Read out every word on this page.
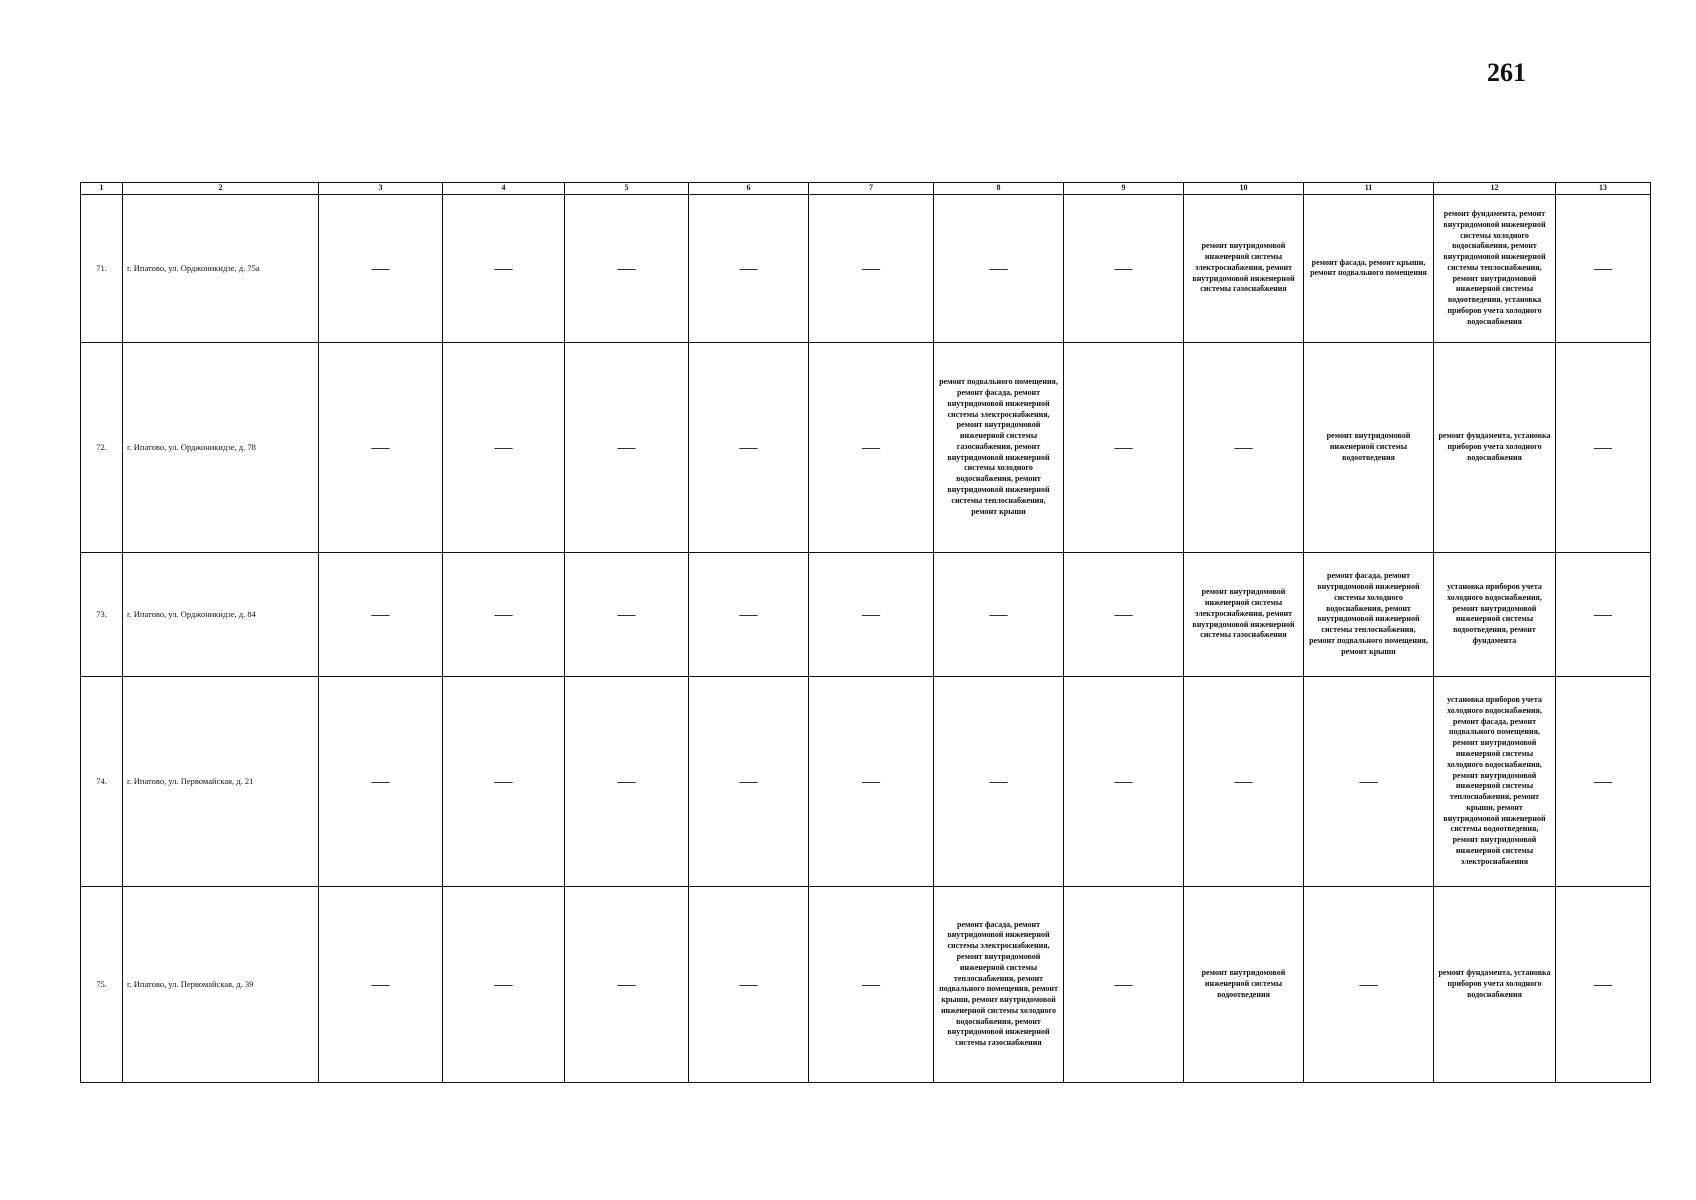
261
1	2	3	4	5	6	7	8	9	10	11	12	13
71.	г. Ипатово, ул. Орджоникидзе, д. 75а	—	—	—	—	—	—	—	ремонт внутридомовой инженерной системы электроснабжения, ремонт внутридомовой инженерной системы газоснабжения	ремонт фасада, ремонт крыши, ремонт подвального помещения	ремонт фундамента, ремонт внутридомовой инженерной системы холодного водоснабжения, ремонт внутридомовой инженерной системы теплоснабжения, ремонт внутридомовой инженерной системы водоотведения, установка приборов учета холодного водоснабжения	—
72.	г. Ипатово, ул. Орджоникидзе, д. 78	—	—	—	—	—	ремонт подвального помещения, ремонт фасада, ремонт внутридомовой инженерной системы электроснабжения, ремонт внутридомовой инженерной системы газоснабжения, ремонт внутридомовой инженерной системы холодного водоснабжения, ремонт внутридомовой инженерной системы теплоснабжения, ремонт крыши	—	—	ремонт внутридомовой инженерной системы водоотведения	ремонт фундамента, установка приборов учета холодного водоснабжения	—
73.	г. Ипатово, ул. Орджоникидзе, д. 84	—	—	—	—	—	—	—	ремонт внутридомовой инженерной системы электроснабжения, ремонт внутридомовой инженерной системы газоснабжения	ремонт фасада, ремонт внутридомовой инженерной системы холодного водоснабжения, ремонт внутридомовой инженерной системы теплоснабжения, ремонт подвального помещения, ремонт крыши	установка приборов учета холодного водоснабжения, ремонт внутридомовой инженерной системы водоотведения, ремонт фундамента	—
74.	г. Ипатово, ул. Первомайская, д. 21	—	—	—	—	—	—	—	—	—	установка приборов учета холодного водоснабжения, ремонт фасада, ремонт подвального помещения, ремонт внутридомовой инженерной системы холодного водоснабжения, ремонт внутридомовой инженерной системы теплоснабжения, ремонт крыши, ремонт внутридомовой инженерной системы водоотведения, ремонт внутридомовой инженерной системы электроснабжения	—
75.	г. Ипатово, ул. Первомайская, д. 39	—	—	—	—	—	ремонт фасада, ремонт внутридомовой инженерной системы электроснабжения, ремонт внутридомовой инженерной системы теплоснабжения, ремонт подвального помещения, ремонт крыши, ремонт внутридомовой инженерной системы холодного водоснабжения, ремонт внутридомовой инженерной системы газоснабжения	—	ремонт внутридомовой инженерной системы водоотведения	—	ремонт фундамента, установка приборов учета холодного водоснабжения	—
